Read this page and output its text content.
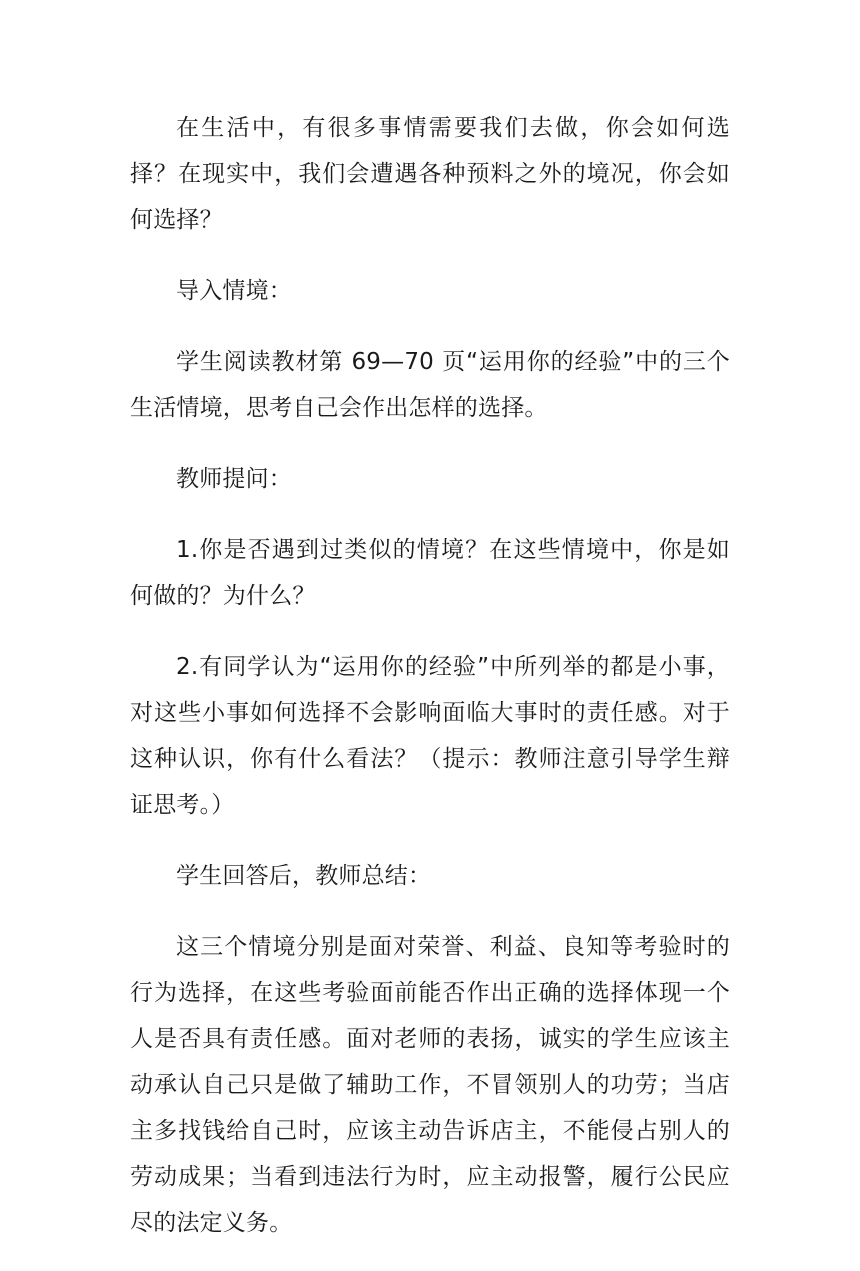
在生活中，有很多事情需要我们去做，你会如何选择？在现实中，我们会遭遇各种预料之外的境况，你会如何选择？

导入情境：

学生阅读教材第 69—70 页“运用你的经验”中的三个生活情境，思考自己会作出怎样的选择。

教师提问：

1.你是否遇到过类似的情境？在这些情境中，你是如何做的？为什么？

2.有同学认为“运用你的经验”中所列举的都是小事，对这些小事如何选择不会影响面临大事时的责任感。对于这种认识，你有什么看法？（提示：教师注意引导学生辩证思考。）

学生回答后，教师总结：

这三个情境分别是面对荣誉、利益、良知等考验时的行为选择，在这些考验面前能否作出正确的选择体现一个人是否具有责任感。面对老师的表扬，诚实的学生应该主动承认自己只是做了辅助工作，不冒领别人的功劳；当店主多找钱给自己时，应该主动告诉店主，不能侵占别人的劳动成果；当看到违法行为时，应主动报警，履行公民应尽的法定义务。
